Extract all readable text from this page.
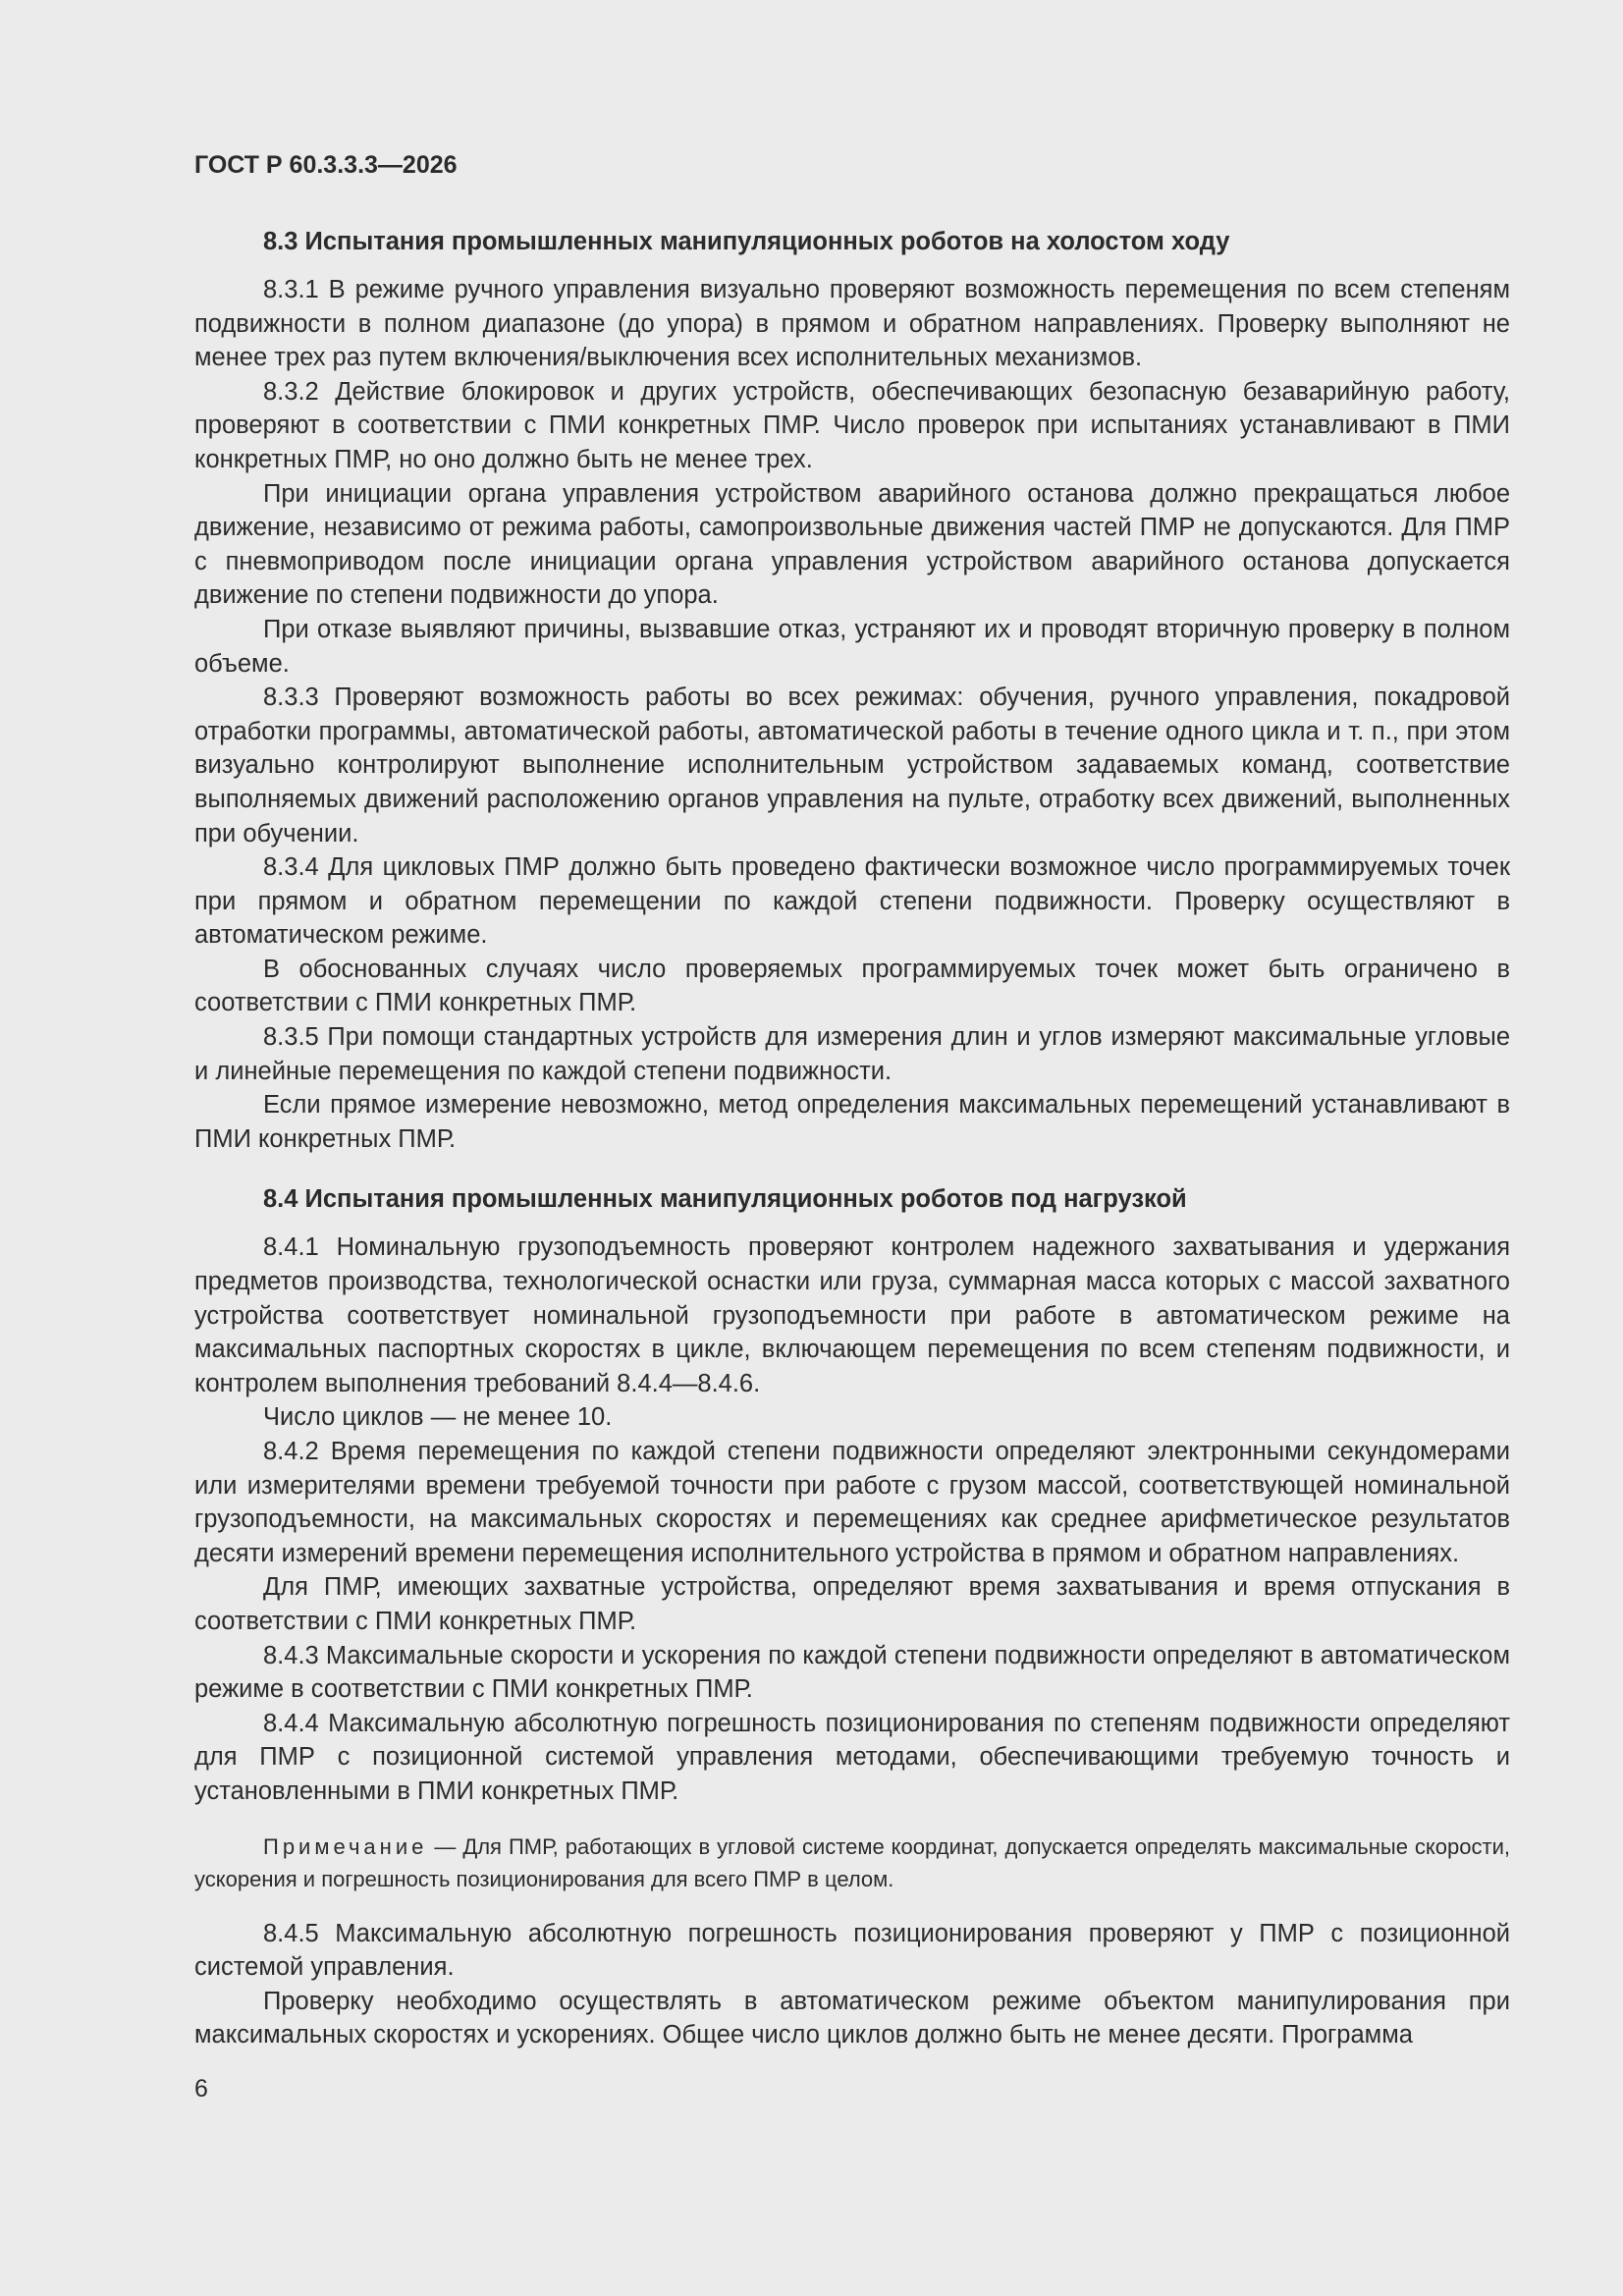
ГОСТ Р 60.3.3.3—2026
8.3 Испытания промышленных манипуляционных роботов на холостом ходу

8.3.1 В режиме ручного управления визуально проверяют возможность перемещения по всем степеням подвижности в полном диапазоне (до упора) в прямом и обратном направлениях. Проверку выполняют не менее трех раз путем включения/выключения всех исполнительных механизмов.

8.3.2 Действие блокировок и других устройств, обеспечивающих безопасную безаварийную работу, проверяют в соответствии с ПМИ конкретных ПМР. Число проверок при испытаниях устанавливают в ПМИ конкретных ПМР, но оно должно быть не менее трех.

При инициации органа управления устройством аварийного останова должно прекращаться любое движение, независимо от режима работы, самопроизвольные движения частей ПМР не допускаются. Для ПМР с пневмоприводом после инициации органа управления устройством аварийного останова допускается движение по степени подвижности до упора.

При отказе выявляют причины, вызвавшие отказ, устраняют их и проводят вторичную проверку в полном объеме.

8.3.3 Проверяют возможность работы во всех режимах: обучения, ручного управления, покадровой отработки программы, автоматической работы, автоматической работы в течение одного цикла и т. п., при этом визуально контролируют выполнение исполнительным устройством задаваемых команд, соответствие выполняемых движений расположению органов управления на пульте, отработку всех движений, выполненных при обучении.

8.3.4 Для цикловых ПМР должно быть проведено фактически возможное число программируемых точек при прямом и обратном перемещении по каждой степени подвижности. Проверку осуществляют в автоматическом режиме.

В обоснованных случаях число проверяемых программируемых точек может быть ограничено в соответствии с ПМИ конкретных ПМР.

8.3.5 При помощи стандартных устройств для измерения длин и углов измеряют максимальные угловые и линейные перемещения по каждой степени подвижности.

Если прямое измерение невозможно, метод определения максимальных перемещений устанавливают в ПМИ конкретных ПМР.

8.4 Испытания промышленных манипуляционных роботов под нагрузкой

8.4.1 Номинальную грузоподъемность проверяют контролем надежного захватывания и удержания предметов производства, технологической оснастки или груза, суммарная масса которых с массой захватного устройства соответствует номинальной грузоподъемности при работе в автоматическом режиме на максимальных паспортных скоростях в цикле, включающем перемещения по всем степеням подвижности, и контролем выполнения требований 8.4.4—8.4.6.

Число циклов — не менее 10.

8.4.2 Время перемещения по каждой степени подвижности определяют электронными секундомерами или измерителями времени требуемой точности при работе с грузом массой, соответствующей номинальной грузоподъемности, на максимальных скоростях и перемещениях как среднее арифметическое результатов десяти измерений времени перемещения исполнительного устройства в прямом и обратном направлениях.

Для ПМР, имеющих захватные устройства, определяют время захватывания и время отпускания в соответствии с ПМИ конкретных ПМР.

8.4.3 Максимальные скорости и ускорения по каждой степени подвижности определяют в автоматическом режиме в соответствии с ПМИ конкретных ПМР.

8.4.4 Максимальную абсолютную погрешность позиционирования по степеням подвижности определяют для ПМР с позиционной системой управления методами, обеспечивающими требуемую точность и установленными в ПМИ конкретных ПМР.

Примечание — Для ПМР, работающих в угловой системе координат, допускается определять максимальные скорости, ускорения и погрешность позиционирования для всего ПМР в целом.

8.4.5 Максимальную абсолютную погрешность позиционирования проверяют у ПМР с позиционной системой управления.

Проверку необходимо осуществлять в автоматическом режиме объектом манипулирования при максимальных скоростях и ускорениях. Общее число циклов должно быть не менее десяти. Программа

6
